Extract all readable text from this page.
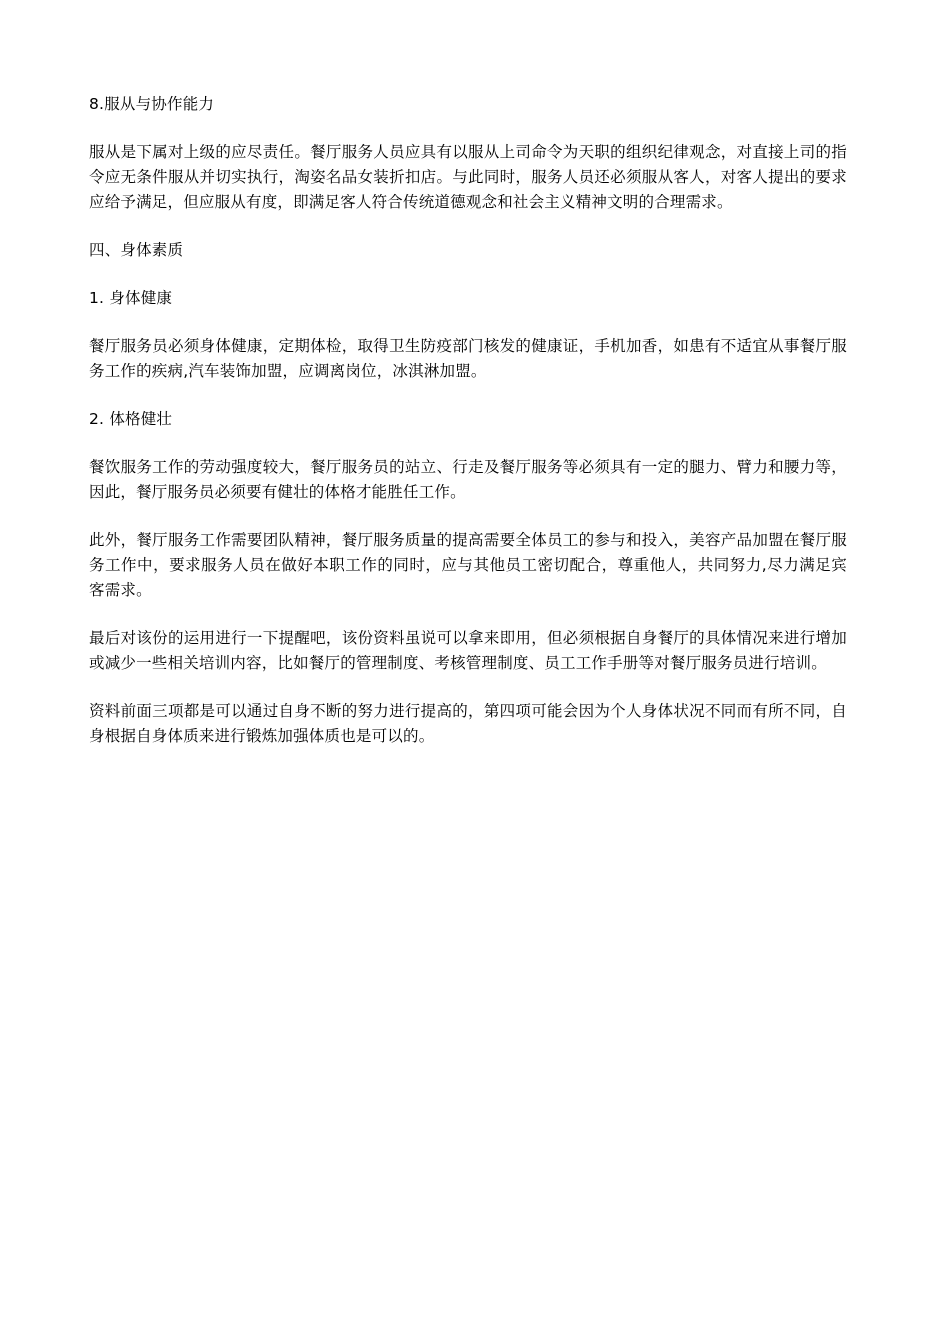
8.服从与协作能力

服从是下属对上级的应尽责任。餐厅服务人员应具有以服从上司命令为天职的组织纪律观念，对直接上司的指令应无条件服从并切实执行，淘姿名品女装折扣店。与此同时，服务人员还必须服从客人，对客人提出的要求应给予满足，但应服从有度，即满足客人符合传统道德观念和社会主义精神文明的合理需求。

四、身体素质

1. 身体健康

餐厅服务员必须身体健康，定期体检，取得卫生防疫部门核发的健康证，手机加香，如患有不适宜从事餐厅服务工作的疾病,汽车装饰加盟，应调离岗位，冰淇淋加盟。

2. 体格健壮

餐饮服务工作的劳动强度较大，餐厅服务员的站立、行走及餐厅服务等必须具有一定的腿力、臂力和腰力等，因此，餐厅服务员必须要有健壮的体格才能胜任工作。

此外，餐厅服务工作需要团队精神，餐厅服务质量的提高需要全体员工的参与和投入，美容产品加盟在餐厅服务工作中，要求服务人员在做好本职工作的同时，应与其他员工密切配合，尊重他人，共同努力,尽力满足宾客需求。

最后对该份的运用进行一下提醒吧，该份资料虽说可以拿来即用，但必须根据自身餐厅的具体情况来进行增加或减少一些相关培训内容，比如餐厅的管理制度、考核管理制度、员工工作手册等对餐厅服务员进行培训。

资料前面三项都是可以通过自身不断的努力进行提高的，第四项可能会因为个人身体状况不同而有所不同，自身根据自身体质来进行锻炼加强体质也是可以的。
